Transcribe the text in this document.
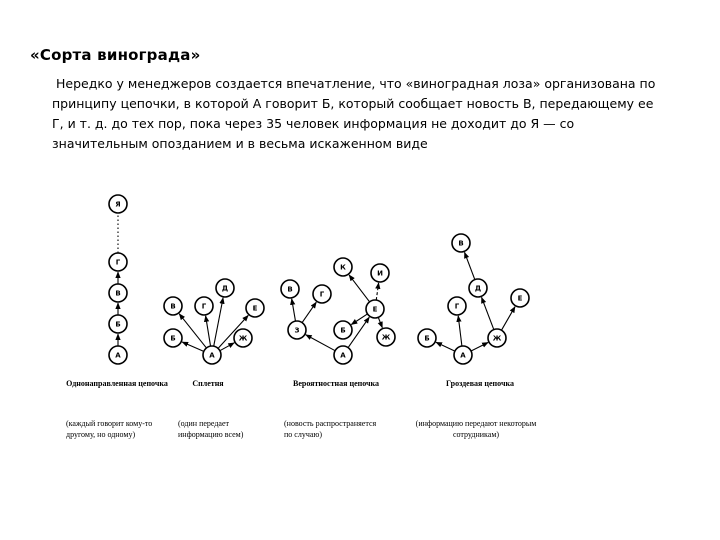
«Сорта винограда»
Нередко у менеджеров создается впечатление, что «виноградная лоза» организована по принципу цепочки, в которой А говорит Б, который сообщает новость В, передающему ее Г, и т. д. до тех пор, пока через 35 человек информация не доходит до Я — со значительным опозданием и в весьма искаженном виде
Я
Г
В
Б
А
В	Г
Д
Е
Б	Ж
А
К
И
В
Г
Е
З	Б
Ж
А
В
Д
Е
Г
Б	Ж
А
Однонаправленная цепочка	Сплетня	Вероятностная цепочка	Гроздевая цепочка
(каждый говорит кому-то другому, но одному)
(один передает информацию всем)
(новость распространяется по случаю)
(информацию передают некоторым сотрудникам)
